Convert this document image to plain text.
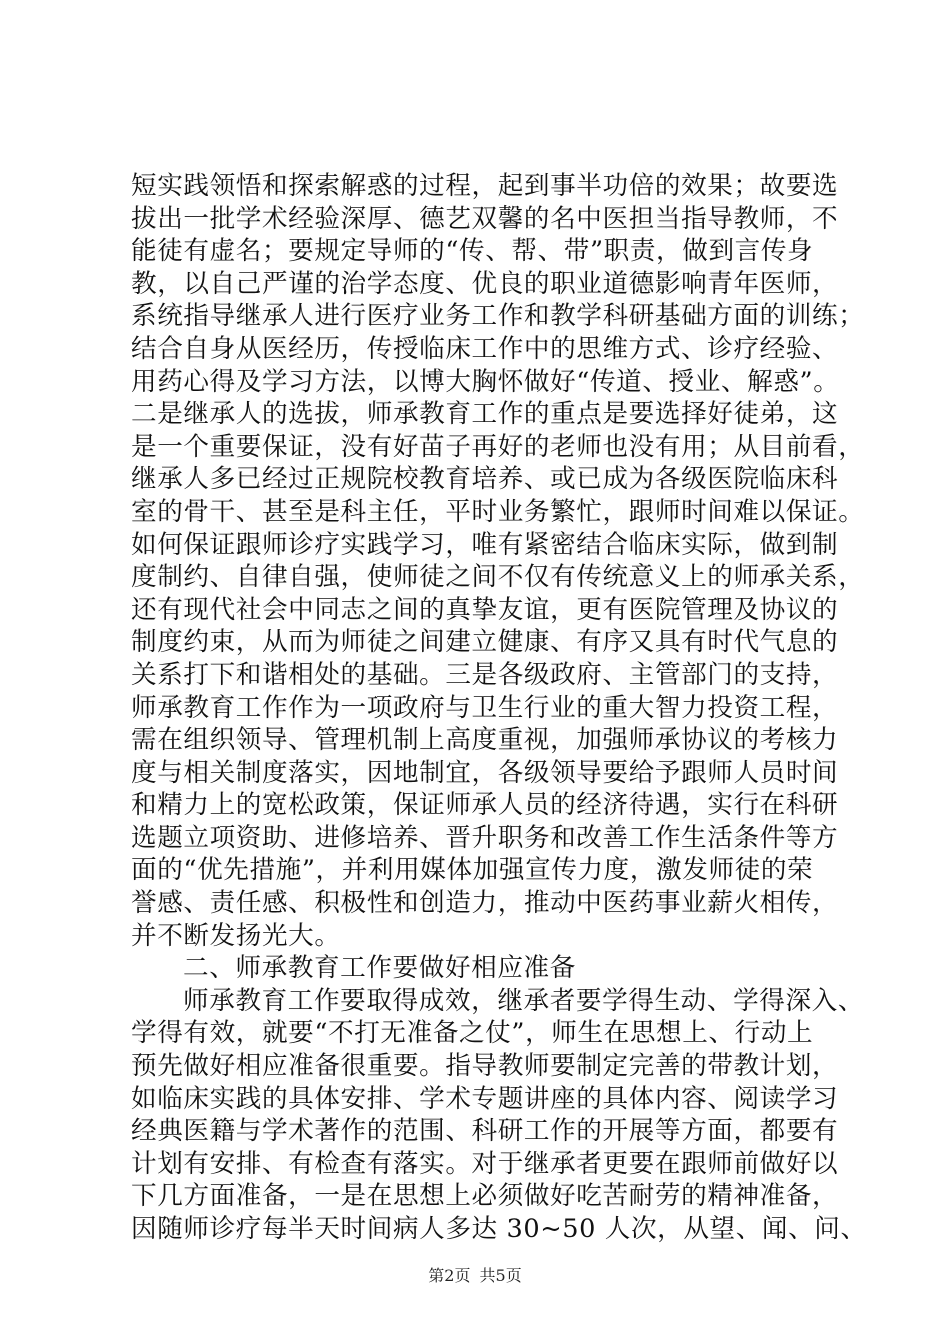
短实践领悟和探索解惑的过程，起到事半功倍的效果；故要选
拔出一批学术经验深厚、德艺双馨的名中医担当指导教师，不
能徒有虚名；要规定导师的“传、帮、带”职责，做到言传身
教，以自己严谨的治学态度、优良的职业道德影响青年医师，
系统指导继承人进行医疗业务工作和教学科研基础方面的训练；
结合自身从医经历，传授临床工作中的思维方式、诊疗经验、
用药心得及学习方法，以博大胸怀做好“传道、授业、解惑”。
二是继承人的选拔，师承教育工作的重点是要选择好徒弟，这
是一个重要保证，没有好苗子再好的老师也没有用；从目前看，
继承人多已经过正规院校教育培养、或已成为各级医院临床科
室的骨干、甚至是科主任，平时业务繁忙，跟师时间难以保证。
如何保证跟师诊疗实践学习，唯有紧密结合临床实际，做到制
度制约、自律自强，使师徒之间不仅有传统意义上的师承关系，
还有现代社会中同志之间的真挚友谊，更有医院管理及协议的
制度约束，从而为师徒之间建立健康、有序又具有时代气息的
关系打下和谐相处的基础。三是各级政府、主管部门的支持，
师承教育工作作为一项政府与卫生行业的重大智力投资工程，
需在组织领导、管理机制上高度重视，加强师承协议的考核力
度与相关制度落实，因地制宜，各级领导要给予跟师人员时间
和精力上的宽松政策，保证师承人员的经济待遇，实行在科研
选题立项资助、进修培养、晋升职务和改善工作生活条件等方
面的“优先措施”，并利用媒体加强宣传力度，激发师徒的荣
誉感、责任感、积极性和创造力，推动中医药事业薪火相传，
并不断发扬光大。
二、师承教育工作要做好相应准备
师承教育工作要取得成效，继承者要学得生动、学得深入、
学得有效，就要“不打无准备之仗”，师生在思想上、行动上
预先做好相应准备很重要。指导教师要制定完善的带教计划，
如临床实践的具体安排、学术专题讲座的具体内容、阅读学习
经典医籍与学术著作的范围、科研工作的开展等方面，都要有
计划有安排、有检查有落实。对于继承者更要在跟师前做好以
下几方面准备，一是在思想上必须做好吃苦耐劳的精神准备，
因随师诊疗每半天时间病人多达 30~50 人次，从望、闻、问、
第2页 共5页
